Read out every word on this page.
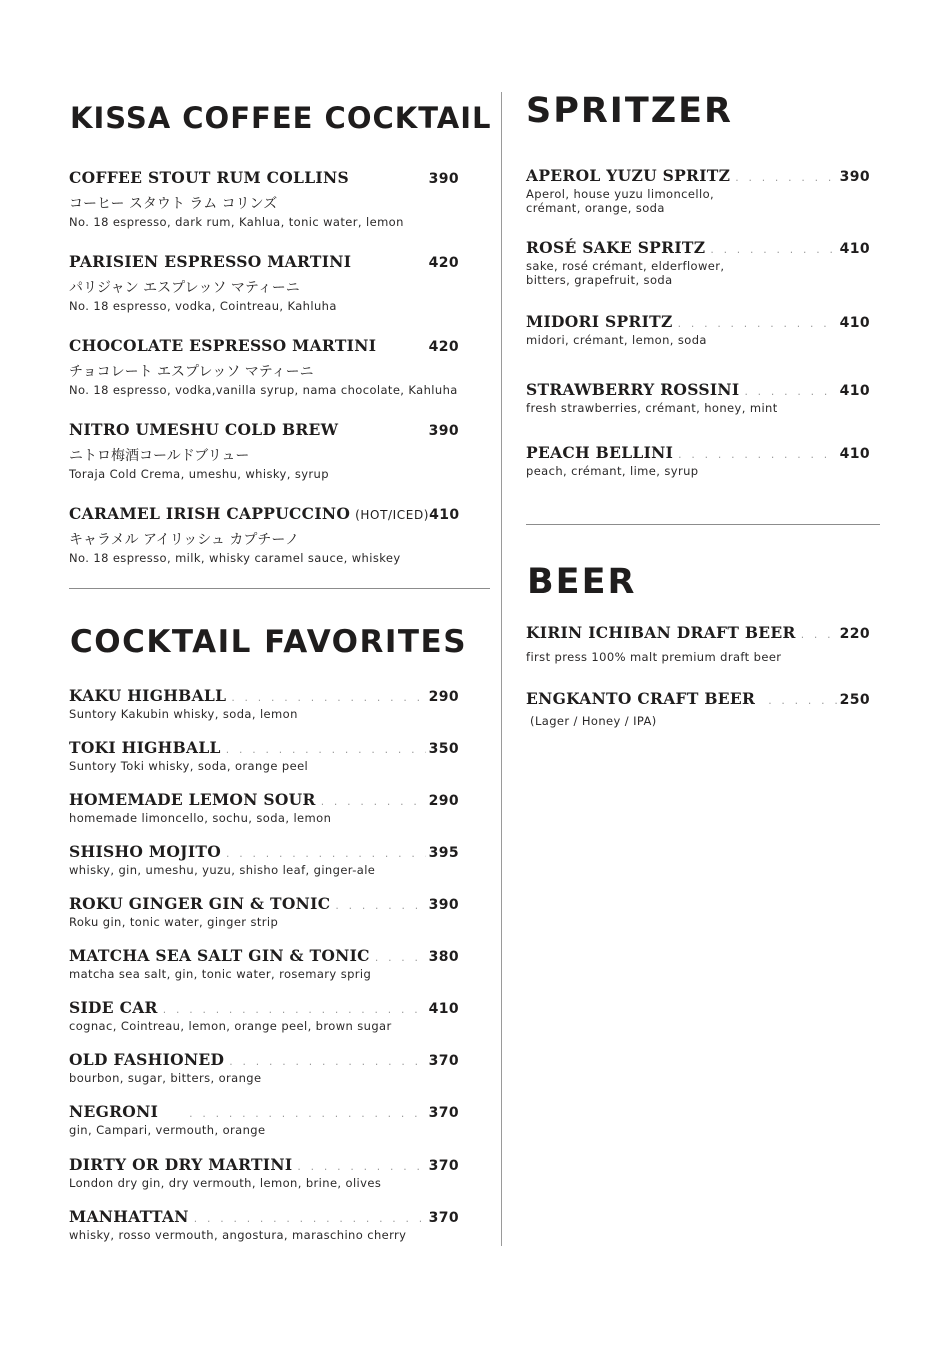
KISSA COFFEE COCKTAIL
COFFEE STOUT RUM COLLINS	390
コーヒー スタウト ラム コリンズ
No. 18 espresso, dark rum, Kahlua, tonic water, lemon
PARISIEN ESPRESSO MARTINI	420
パリジャン エスプレッソ マティーニ
No. 18 espresso, vodka, Cointreau, Kahluha
CHOCOLATE ESPRESSO MARTINI	420
チョコレート エスプレッソ マティーニ
No. 18 espresso, vodka,vanilla syrup, nama chocolate, Kahluha
NITRO UMESHU COLD BREW	390
ニトロ梅酒コールドブリュー
Toraja Cold Crema, umeshu, whisky, syrup
CARAMEL IRISH CAPPUCCINO (HOT/ICED) 410
キャラメル アイリッシュ カプチーノ
No. 18 espresso, milk, whisky caramel sauce, whiskey
COCKTAIL FAVORITES
KAKU HIGHBALL . . .	290
Suntory Kakubin whisky, soda, lemon
TOKI HIGHBALL . . .	350
Suntory Toki whisky, soda, orange peel
HOMEMADE LEMON SOUR . . .	290
homemade limoncello, sochu, soda, lemon
SHISHO MOJITO . . .	395
whisky, gin, umeshu, yuzu, shisho leaf, ginger-ale
ROKU GINGER GIN & TONIC . . .	390
Roku gin, tonic water, ginger strip
MATCHA SEA SALT GIN & TONIC . . .	380
matcha sea salt, gin, tonic water, rosemary sprig
SIDE CAR . . .	410
cognac, Cointreau, lemon, orange peel, brown sugar
OLD FASHIONED . . .	370
bourbon, sugar, bitters, orange
NEGRONI . . .	370
gin, Campari, vermouth, orange
DIRTY OR DRY MARTINI . . .	370
London dry gin, dry vermouth, lemon, brine, olives
MANHATTAN . . .	370
whisky, rosso vermouth, angostura, maraschino cherry
SPRITZER
APEROL YUZU SPRITZ . . .	390
Aperol, house yuzu limoncello,
crémant, orange, soda
ROSÉ SAKE SPRITZ . . .	410
sake, rosé crémant, elderflower,
bitters, grapefruit, soda
MIDORI SPRITZ . . .	410
midori, crémant, lemon, soda
STRAWBERRY ROSSINI . . .	410
fresh strawberries, crémant, honey, mint
PEACH BELLINI . . .	410
peach, crémant, lime, syrup
BEER
KIRIN ICHIBAN DRAFT BEER . . .	220
first press 100% malt premium draft beer
ENGKANTO CRAFT BEER . . .	250
(Lager / Honey / IPA)
